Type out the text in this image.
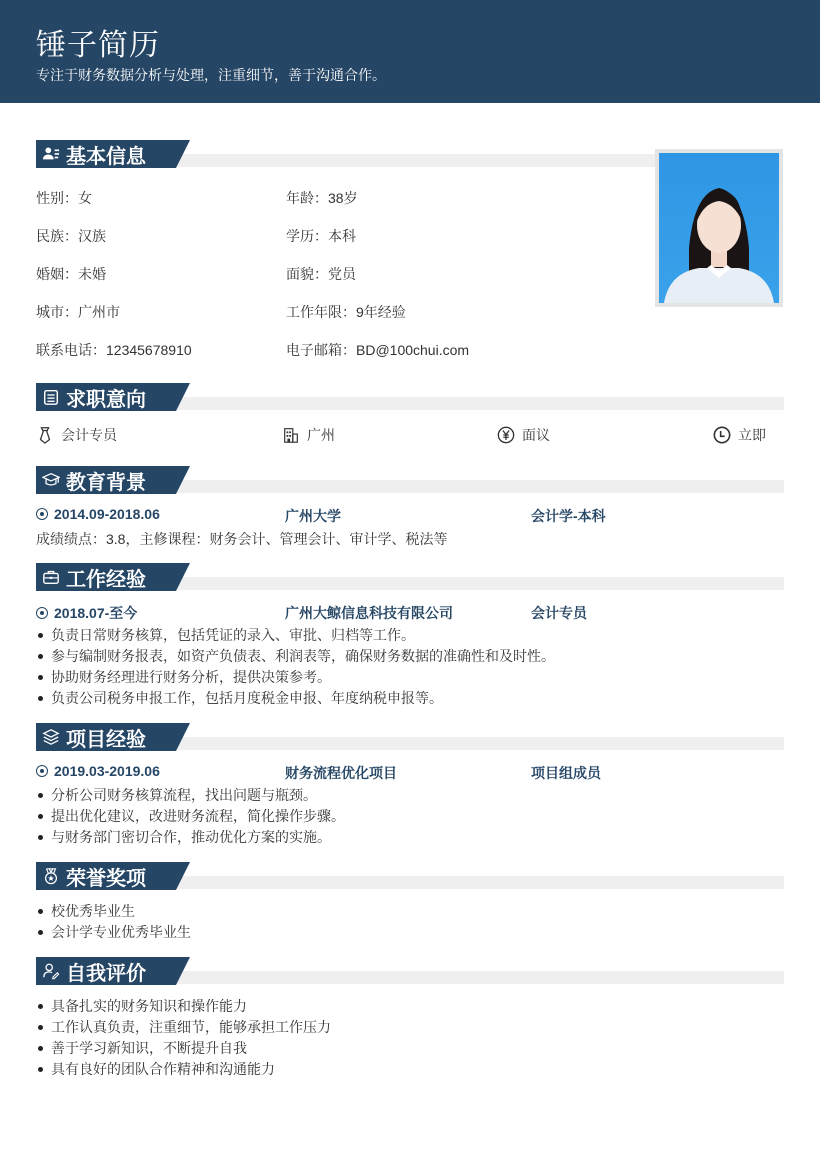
锤子简历
专注于财务数据分析与处理，注重细节，善于沟通合作。
基本信息
性别：女	年龄：38岁
民族：汉族	学历：本科
婚姻：未婚	面貌：党员
城市：广州市	工作年限：9年经验
联系电话：12345678910	电子邮箱：BD@100chui.com
求职意向
会计专员	广州	面议	立即
教育背景
2014.09-2018.06	广州大学	会计学-本科
成绩绩点：3.8，主修课程：财务会计、管理会计、审计学、税法等
工作经验
2018.07-至今	广州大鲸信息科技有限公司	会计专员
负责日常财务核算，包括凭证的录入、审批、归档等工作。
参与编制财务报表，如资产负债表、利润表等，确保财务数据的准确性和及时性。
协助财务经理进行财务分析，提供决策参考。
负责公司税务申报工作，包括月度税金申报、年度纳税申报等。
项目经验
2019.03-2019.06	财务流程优化项目	项目组成员
分析公司财务核算流程，找出问题与瓶颈。
提出优化建议，改进财务流程，简化操作步骤。
与财务部门密切合作，推动优化方案的实施。
荣誉奖项
校优秀毕业生
会计学专业优秀毕业生
自我评价
具备扎实的财务知识和操作能力
工作认真负责，注重细节，能够承担工作压力
善于学习新知识，不断提升自我
具有良好的团队合作精神和沟通能力
